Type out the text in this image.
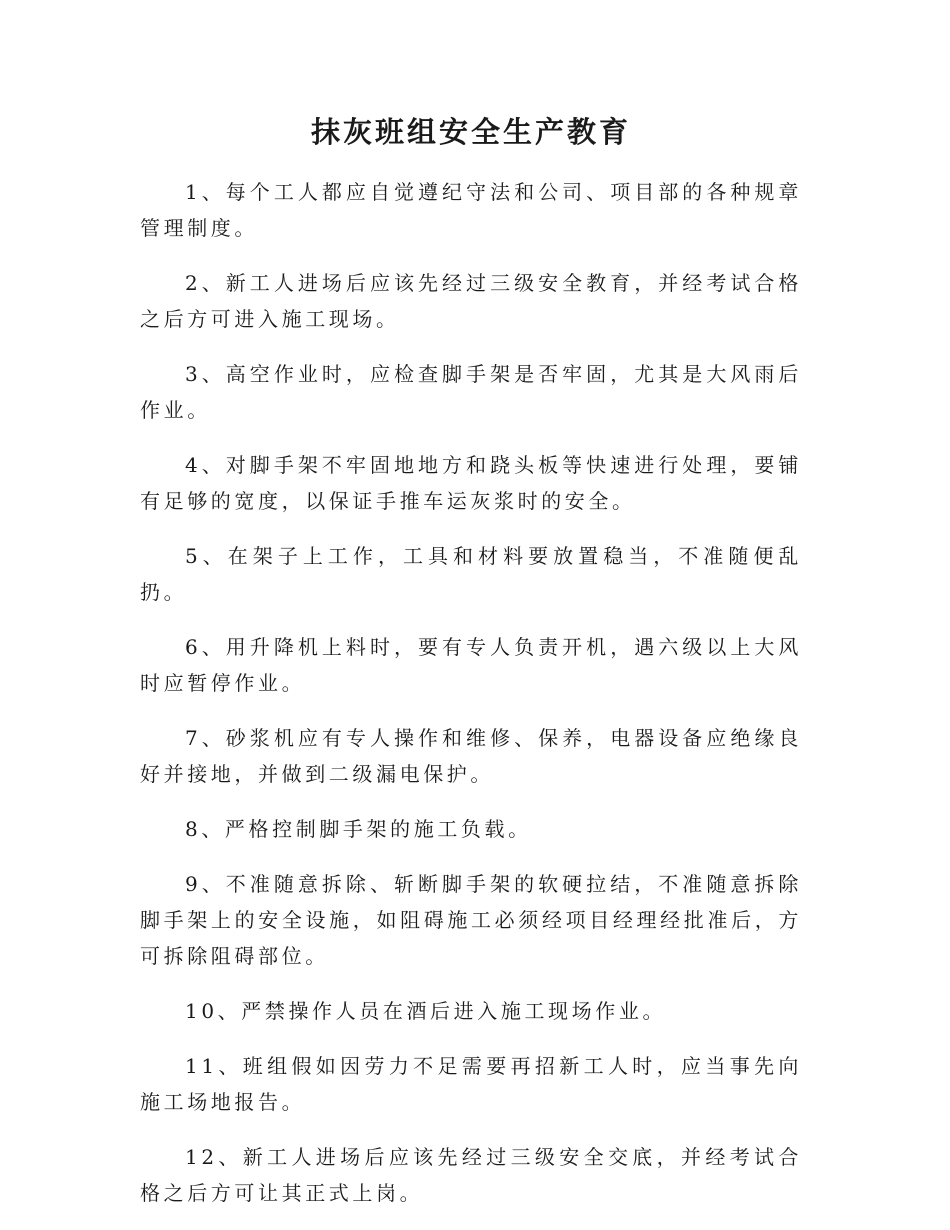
抹灰班组安全生产教育

1、每个工人都应自觉遵纪守法和公司、项目部的各种规章管理制度。

2、新工人进场后应该先经过三级安全教育，并经考试合格之后方可进入施工现场。

3、高空作业时，应检查脚手架是否牢固，尤其是大风雨后作业。

4、对脚手架不牢固地地方和跷头板等快速进行处理，要铺有足够的宽度，以保证手推车运灰浆时的安全。

5、在架子上工作，工具和材料要放置稳当，不准随便乱扔。

6、用升降机上料时，要有专人负责开机，遇六级以上大风时应暂停作业。

7、砂浆机应有专人操作和维修、保养，电器设备应绝缘良好并接地，并做到二级漏电保护。

8、严格控制脚手架的施工负载。

9、不准随意拆除、斩断脚手架的软硬拉结，不准随意拆除脚手架上的安全设施，如阻碍施工必须经项目经理经批准后，方可拆除阻碍部位。

10、严禁操作人员在酒后进入施工现场作业。

11、班组假如因劳力不足需要再招新工人时，应当事先向施工场地报告。

12、新工人进场后应该先经过三级安全交底，并经考试合格之后方可让其正式上岗。
